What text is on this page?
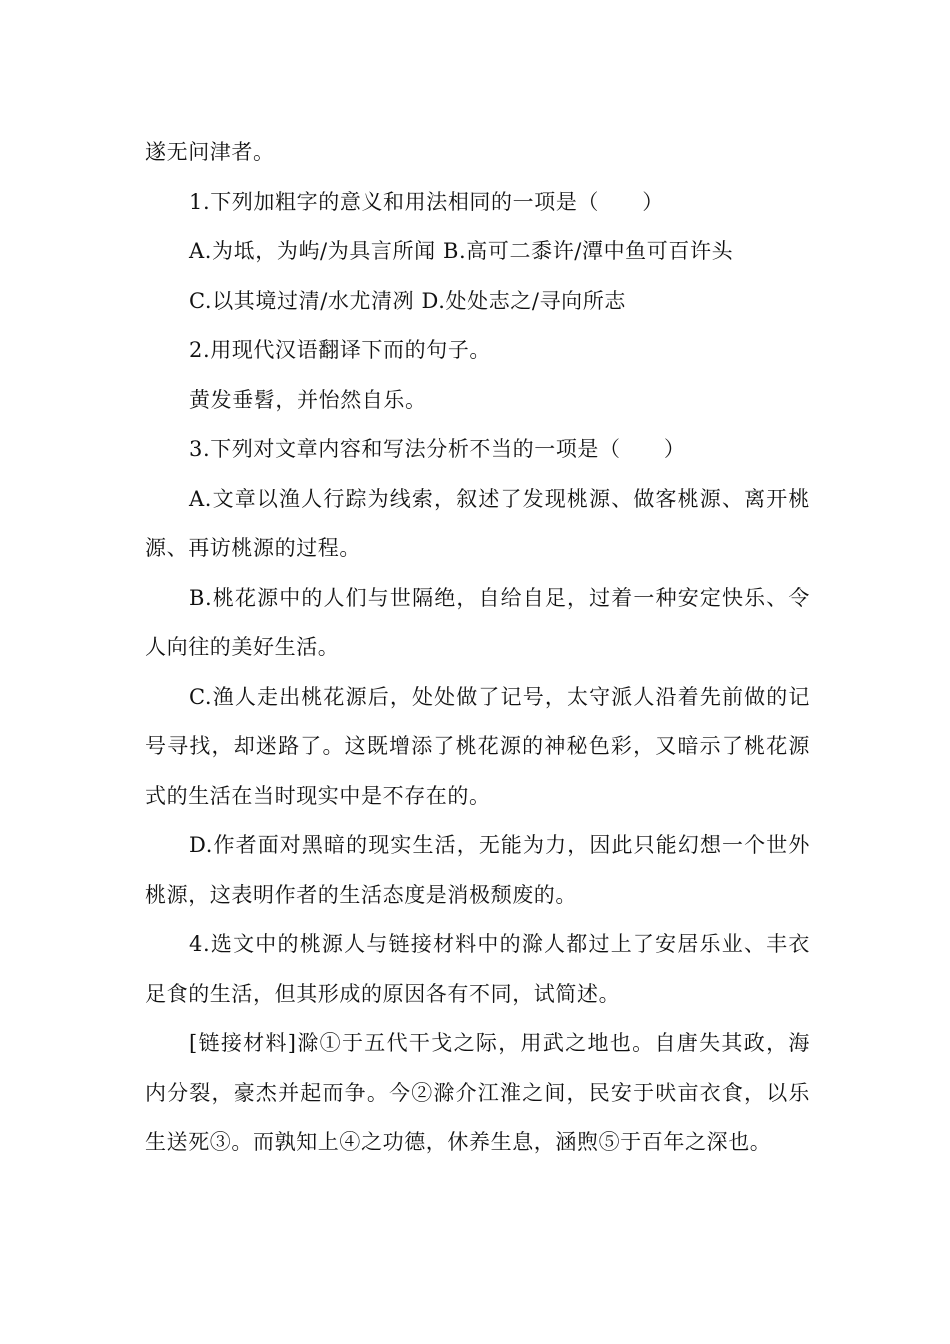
遂无问津者。

1.下列加粗字的意义和用法相同的一项是（　　）

A.为坻，为屿/为具言所闻 B.高可二黍许/潭中鱼可百许头

C.以其境过清/水尤清冽 D.处处志之/寻向所志

2.用现代汉语翻译下而的句子。

黄发垂髫，并怡然自乐。

3.下列对文章内容和写法分析不当的一项是（　　）

A.文章以渔人行踪为线索，叙述了发现桃源、做客桃源、离开桃源、再访桃源的过程。

B.桃花源中的人们与世隔绝，自给自足，过着一种安定快乐、令人向往的美好生活。

C.渔人走出桃花源后，处处做了记号，太守派人沿着先前做的记号寻找，却迷路了。这既增添了桃花源的神秘色彩，又暗示了桃花源式的生活在当时现实中是不存在的。

D.作者面对黑暗的现实生活，无能为力，因此只能幻想一个世外桃源，这表明作者的生活态度是消极颓废的。

4.选文中的桃源人与链接材料中的滁人都过上了安居乐业、丰衣足食的生活，但其形成的原因各有不同，试简述。

[链接材料]滁①于五代干戈之际，用武之地也。自唐失其政，海内分裂，豪杰并起而争。今②滁介江淮之间，民安于吠亩衣食，以乐生送死③。而孰知上④之功德，休养生息，涵煦⑤于百年之深也。
